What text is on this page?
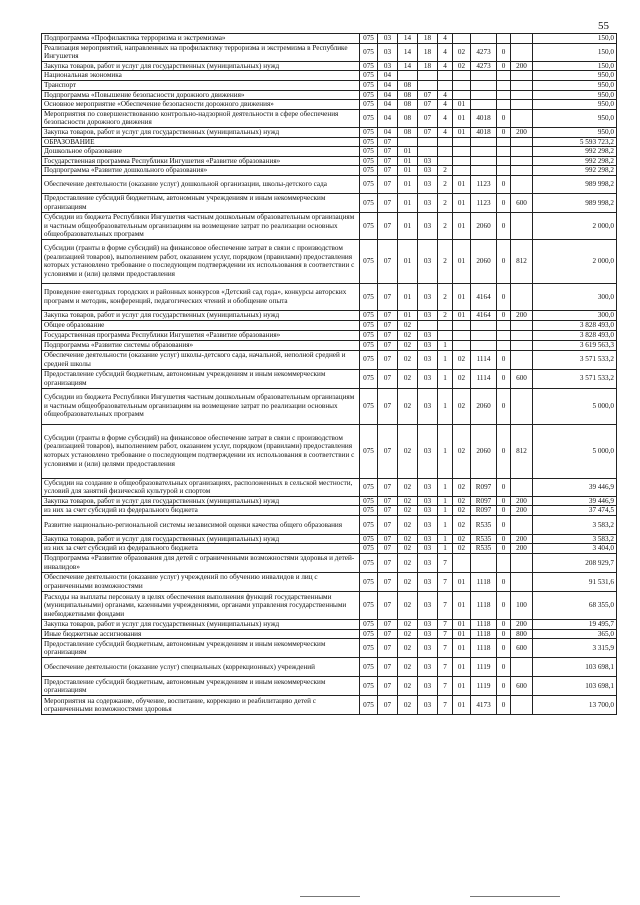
55
Подпрограмма «Профилактика терроризма и экстремизма»	075	03	14	18	4					150,0
Реализация мероприятий, направленных на профилактику терроризма и экстремизма в Республике Ингушетия	075	03	14	18	4	02	4273	0		150,0
Закупка товаров, работ и услуг для государственных (муниципальных) нужд	075	03	14	18	4	02	4273	0	200	150,0
Национальная экономика	075	04								950,0
Транспорт	075	04	08							950,0
Подпрограмма «Повышение безопасности дорожного движения»	075	04	08	07	4					950,0
Основное мероприятие «Обеспечение безопасности дорожного движения»	075	04	08	07	4	01				950,0
Мероприятия по совершенствованию контрольно-надзорной деятельности в сфере обеспечения безопасности дорожного движения	075	04	08	07	4	01	4018	0		950,0
Закупка товаров, работ и услуг для государственных (муниципальных) нужд	075	04	08	07	4	01	4018	0	200	950,0
ОБРАЗОВАНИЕ	075	07								5 593 723,2
Дошкольное образование	075	07	01							992 298,2
Государственная программа Республики Ингушетия «Развитие образования»	075	07	01	03						992 298,2
Подпрограмма «Развитие дошкольного образования»	075	07	01	03	2					992 298,2
Обеспечение деятельности (оказание услуг) дошкольной организации, школы-детского сада	075	07	01	03	2	01	1123	0		989 998,2
Предоставление субсидий бюджетным, автономным учреждениям и иным некоммерческим организациям	075	07	01	03	2	01	1123	0	600	989 998,2
Субсидии из бюджета Республики Ингушетия частным дошкольным образовательным организациям и частным общеобразовательным организациям на возмещение затрат по реализации основных общеобразовательных программ	075	07	01	03	2	01	2060	0		2 000,0
Субсидии (гранты в форме субсидий) на финансовое обеспечение затрат в связи с производством (реализацией товаров), выполнением работ, оказанием услуг, порядком (правилами) предоставления которых установлено требование о последующем подтверждении их использования в соответствии с условиями и (или) целями предоставления	075	07	01	03	2	01	2060	0	812	2 000,0
Проведение ежегодных городских и районных конкурсов «Детский сад года», конкурсы авторских программ и методик, конференций, педагогических чтений и обобщение опыта	075	07	01	03	2	01	4164	0		300,0
Закупка товаров, работ и услуг для государственных (муниципальных) нужд	075	07	01	03	2	01	4164	0	200	300,0
Общее образование	075	07	02							3 828 493,0
Государственная программа Республики Ингушетия «Развитие образования»	075	07	02	03						3 828 493,0
Подпрограмма «Развитие системы образования»	075	07	02	03	1					3 619 563,3
Обеспечение деятельности (оказание услуг) школы-детского сада, начальной, неполной средней и средней школы	075	07	02	03	1	02	1114	0		3 571 533,2
Предоставление субсидий бюджетным, автономным учреждениям и иным некоммерческим организациям	075	07	02	03	1	02	1114	0	600	3 571 533,2
Субсидии из бюджета Республики Ингушетия частным дошкольным образовательным организациям и частным общеобразовательным организациям на возмещение затрат по реализации основных общеобразовательных программ	075	07	02	03	1	02	2060	0		5 000,0
Субсидии (гранты в форме субсидий) на финансовое обеспечение затрат в связи с производством (реализацией товаров), выполнением работ, оказанием услуг, порядком (правилами) предоставления которых установлено требование о последующем подтверждении их использования в соответствии с условиями и (или) целями предоставления	075	07	02	03	1	02	2060	0	812	5 000,0
Субсидии на создание в общеобразовательных организациях, расположенных в сельской местности, условий для занятий физической культурой и спортом	075	07	02	03	1	02	R097	0		39 446,9
Закупка товаров, работ и услуг для государственных (муниципальных) нужд	075	07	02	03	1	02	R097	0	200	39 446,9
из них за счет субсидий из федерального бюджета	075	07	02	03	1	02	R097	0	200	37 474,5
Развитие национально-региональной системы независимой оценки качества общего образования	075	07	02	03	1	02	R535	0		3 583,2
Закупка товаров, работ и услуг для государственных (муниципальных) нужд	075	07	02	03	1	02	R535	0	200	3 583,2
из них за счет субсидий из федерального бюджета	075	07	02	03	1	02	R535	0	200	3 404,0
Подпрограмма «Развитие образования для детей с ограниченными возможностями здоровья и детей-инвалидов»	075	07	02	03	7					208 929,7
Обеспечение деятельности (оказание услуг) учреждений по обучению инвалидов и лиц с ограниченными возможностями	075	07	02	03	7	01	1118	0		91 531,6
Расходы на выплаты персоналу в целях обеспечения выполнения функций государственными (муниципальными) органами, казенными учреждениями, органами управления государственными внебюджетными фондами	075	07	02	03	7	01	1118	0	100	68 355,0
Закупка товаров, работ и услуг для государственных (муниципальных) нужд	075	07	02	03	7	01	1118	0	200	19 495,7
Иные бюджетные ассигнования	075	07	02	03	7	01	1118	0	800	365,0
Предоставление субсидий бюджетным, автономным учреждениям и иным некоммерческим организациям	075	07	02	03	7	01	1118	0	600	3 315,9
Обеспечение деятельности (оказание услуг) специальных (коррекционных) учреждений	075	07	02	03	7	01	1119	0		103 698,1
Предоставление субсидий бюджетным, автономным учреждениям и иным некоммерческим организациям	075	07	02	03	7	01	1119	0	600	103 698,1
Мероприятия на содержание, обучение, воспитание, коррекцию и реабилитацию детей с ограниченными возможностями здоровья	075	07	02	03	7	01	4173	0		13 700,0
